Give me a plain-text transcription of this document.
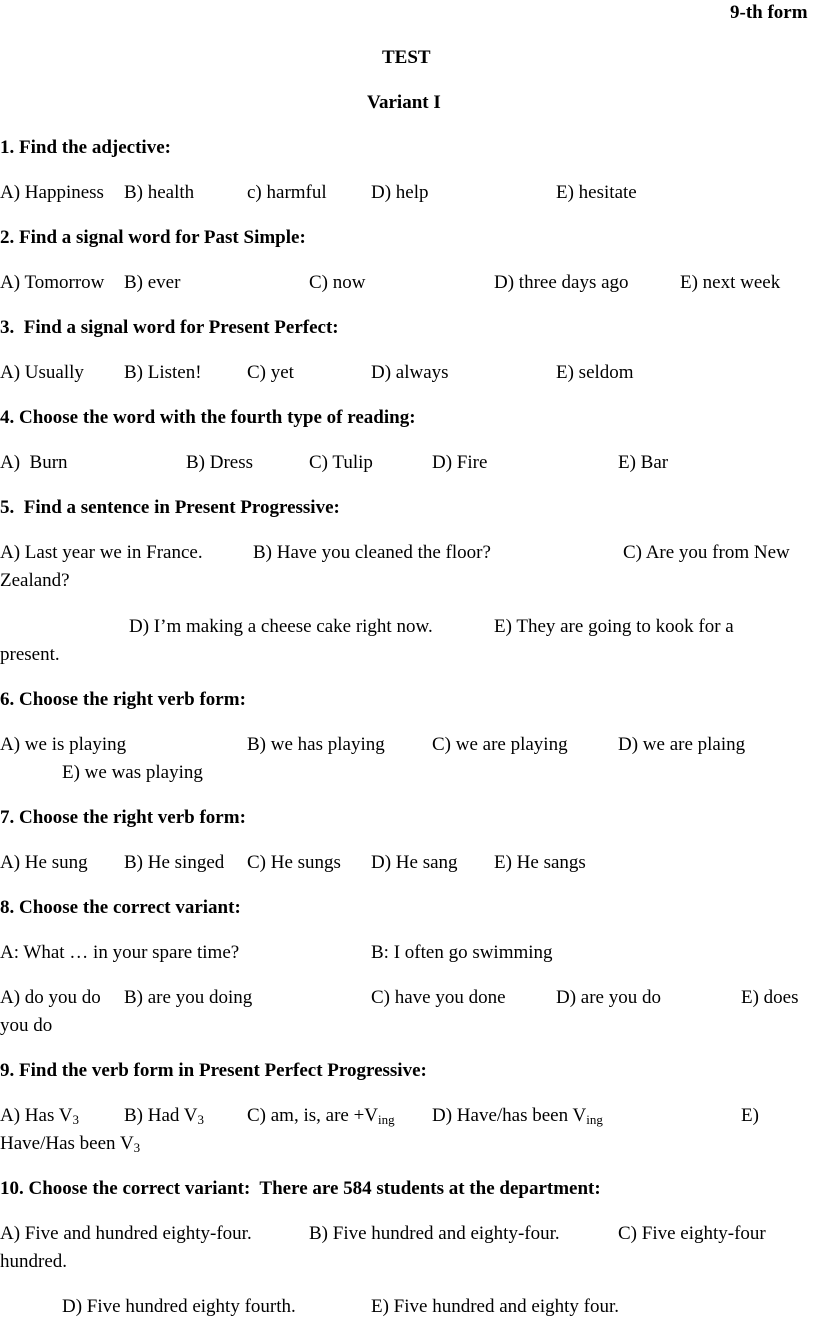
9-th form
TEST
Variant I
1. Find the adjective:
A) Happiness B) health	c) harmful D) help	E) hesitate
2. Find a signal word for Past Simple:
A) Tomorrow B) ever	C) now	D) three days ago	E) next week
3.  Find a signal word for Present Perfect:
A) Usually B) Listen! C) yet	D) always	E) seldom
4. Choose the word with the fourth type of reading:
A)  Burn	B) Dress	C) Tulip	D) Fire	E) Bar
5.  Find a sentence in Present Progressive:
A) Last year we in France.	B) Have you cleaned the floor?	C) Are you from New
Zealand?
D) I’m making a cheese cake right now.	E) They are going to kook for a
present.
6. Choose the right verb form:
A) we is playing	B) we has playing C) we are playing	D) we are plaing
E) we was playing
7. Choose the right verb form:
A) He sung B) He singed C) He sungs D) He sang E) He sangs
8. Choose the correct variant:
A: What … in your spare time?	B: I often go swimming
A) do you do B) are you doing	C) have you done	D) are you do	E) does
you do
9. Find the verb form in Present Perfect Progressive:
A) Has $V_3$ B) Had $V_3$ C) am, is, are $+V_{ing}$ D) Have/has been $V_{ing}$	E)
Have/Has been $V_3$
10. Choose the correct variant:  There are 584 students at the department:
A) Five and hundred eighty-four.	B) Five hundred and eighty-four.	C) Five eighty-four
hundred.
D) Five hundred eighty fourth.	E) Five hundred and eighty four.
